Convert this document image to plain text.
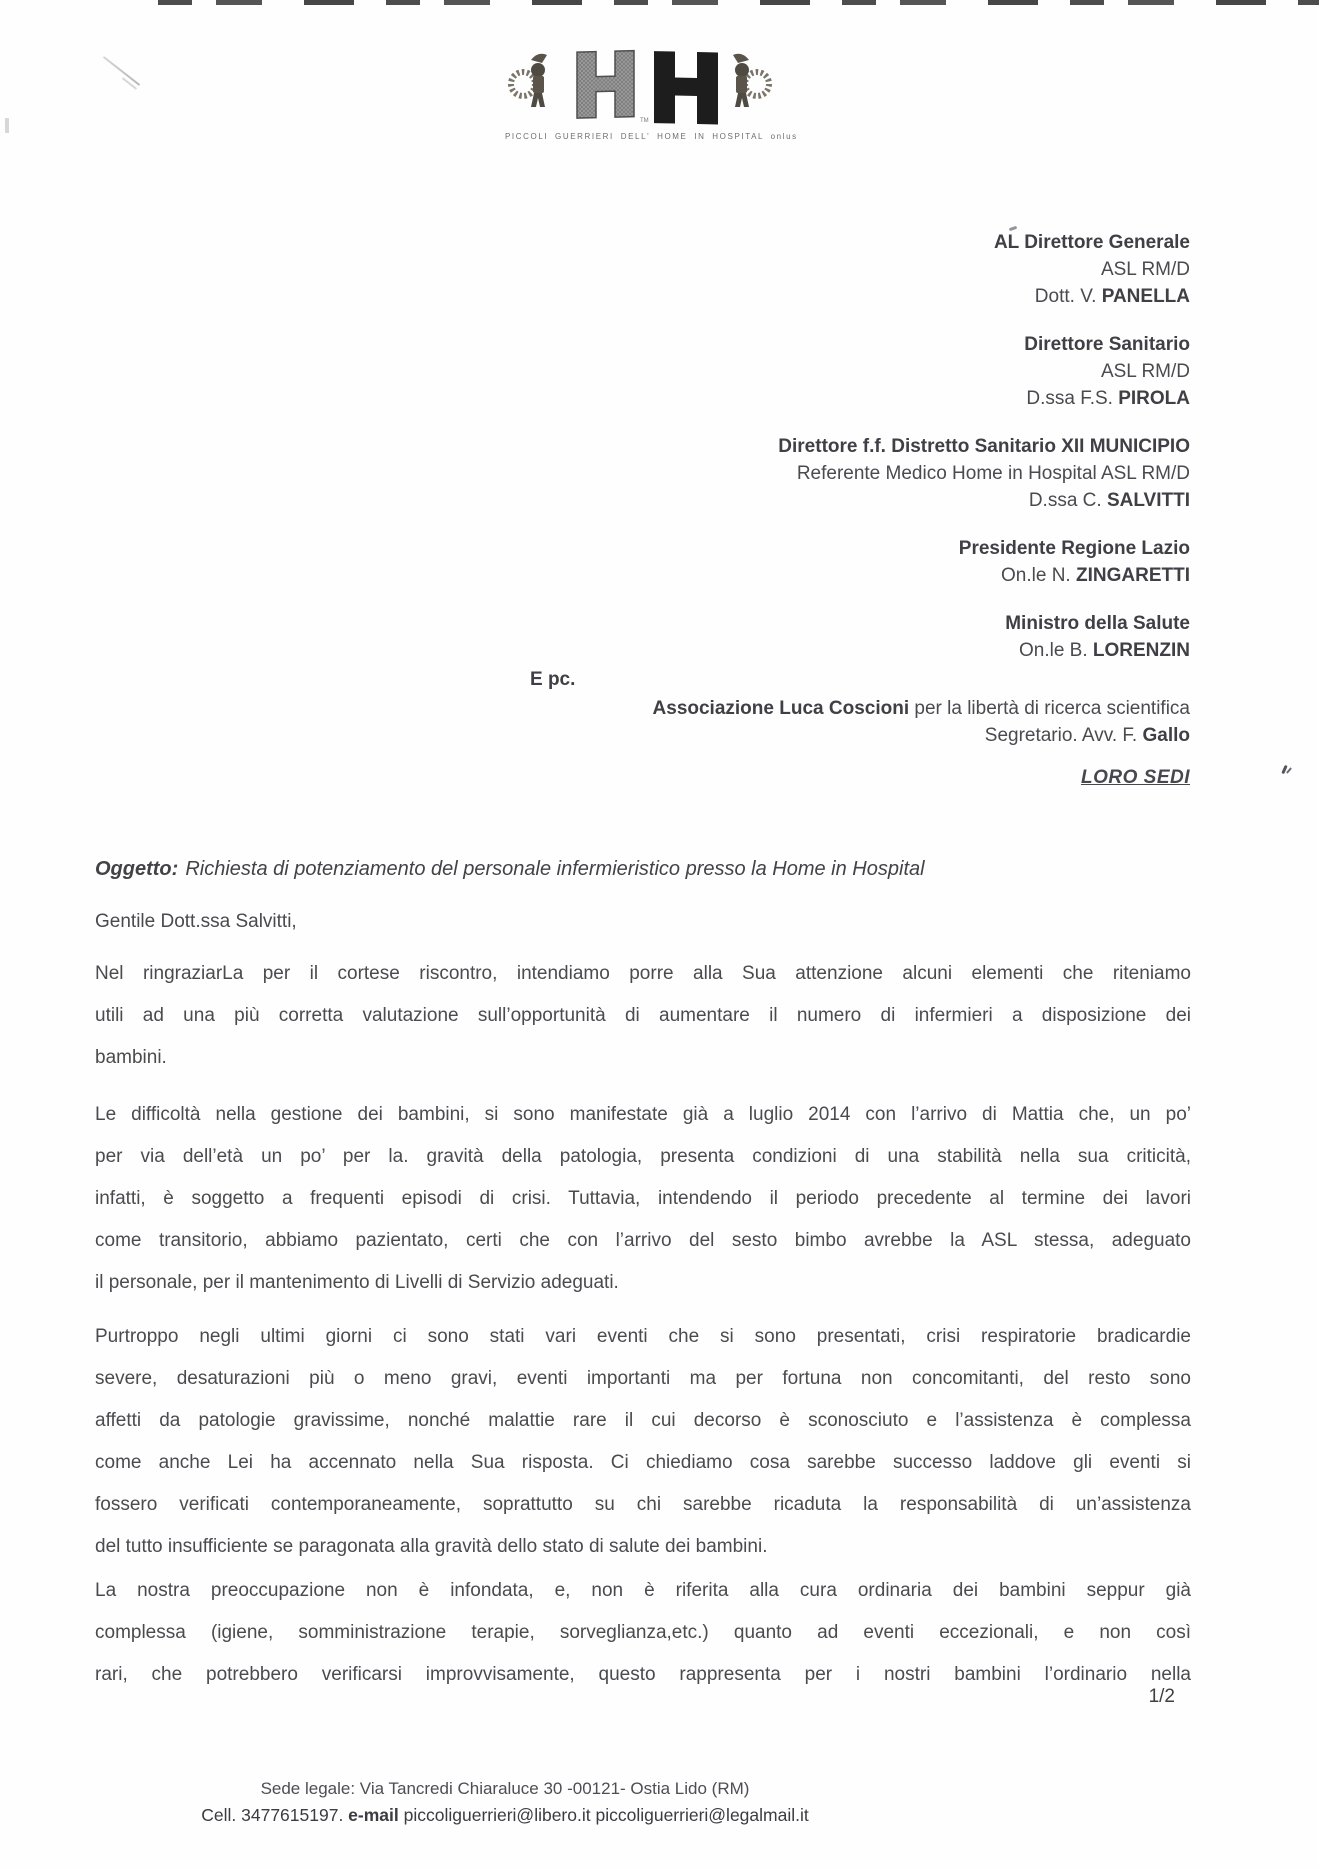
TM
PICCOLI GUERRIERI DELL' HOME IN HOSPITAL onlus
AL Direttore Generale
ASL RM/D
Dott. V. PANELLA
Direttore Sanitario
ASL RM/D
D.ssa F.S. PIROLA
Direttore f.f. Distretto Sanitario XII MUNICIPIO
Referente Medico Home in Hospital ASL RM/D
D.ssa C. SALVITTI
Presidente Regione Lazio
On.le N. ZINGARETTI
Ministro della Salute
On.le B. LORENZIN
E pc.
Associazione Luca Coscioni per la libertà di ricerca scientifica
Segretario. Avv. F. Gallo
LORO SEDI
Oggetto: Richiesta di potenziamento del personale infermieristico presso la Home in Hospital
Gentile Dott.ssa Salvitti,
Nel ringraziarLa per il cortese riscontro, intendiamo porre alla Sua attenzione alcuni elementi che riteniamo
utili ad una più corretta valutazione sull’opportunità di aumentare il numero di infermieri a disposizione dei
bambini.
Le difficoltà nella gestione dei bambini, si sono manifestate già a luglio 2014 con l’arrivo di Mattia che, un po’
per via dell’età un po’ per la. gravità della patologia, presenta condizioni di una stabilità nella sua criticità,
infatti, è soggetto a frequenti episodi di crisi. Tuttavia, intendendo il periodo precedente al termine dei lavori
come transitorio, abbiamo pazientato, certi che con l’arrivo del sesto bimbo avrebbe la ASL stessa, adeguato
il personale, per il mantenimento di Livelli di Servizio adeguati.
Purtroppo negli ultimi giorni ci sono stati vari eventi che si sono presentati, crisi respiratorie bradicardie
severe, desaturazioni più o meno gravi, eventi importanti ma per fortuna non concomitanti, del resto sono
affetti da patologie gravissime, nonché malattie rare il cui decorso è sconosciuto e l’assistenza è complessa
come anche Lei ha accennato nella Sua risposta. Ci chiediamo cosa sarebbe successo laddove gli eventi si
fossero verificati contemporaneamente, soprattutto su chi sarebbe ricaduta la responsabilità di un’assistenza
del tutto insufficiente se paragonata alla gravità dello stato di salute dei bambini.
La nostra preoccupazione non è infondata, e, non è riferita alla cura ordinaria dei bambini seppur già
complessa (igiene, somministrazione terapie, sorveglianza,etc.) quanto ad eventi eccezionali, e non così
rari, che potrebbero verificarsi improvvisamente, questo rappresenta per i nostri bambini l’ordinario nella
1/2
Sede legale: Via Tancredi Chiaraluce 30 -00121- Ostia Lido (RM)
Cell. 3477615197. e-mail piccoliguerrieri@libero.it piccoliguerrieri@legalmail.it
